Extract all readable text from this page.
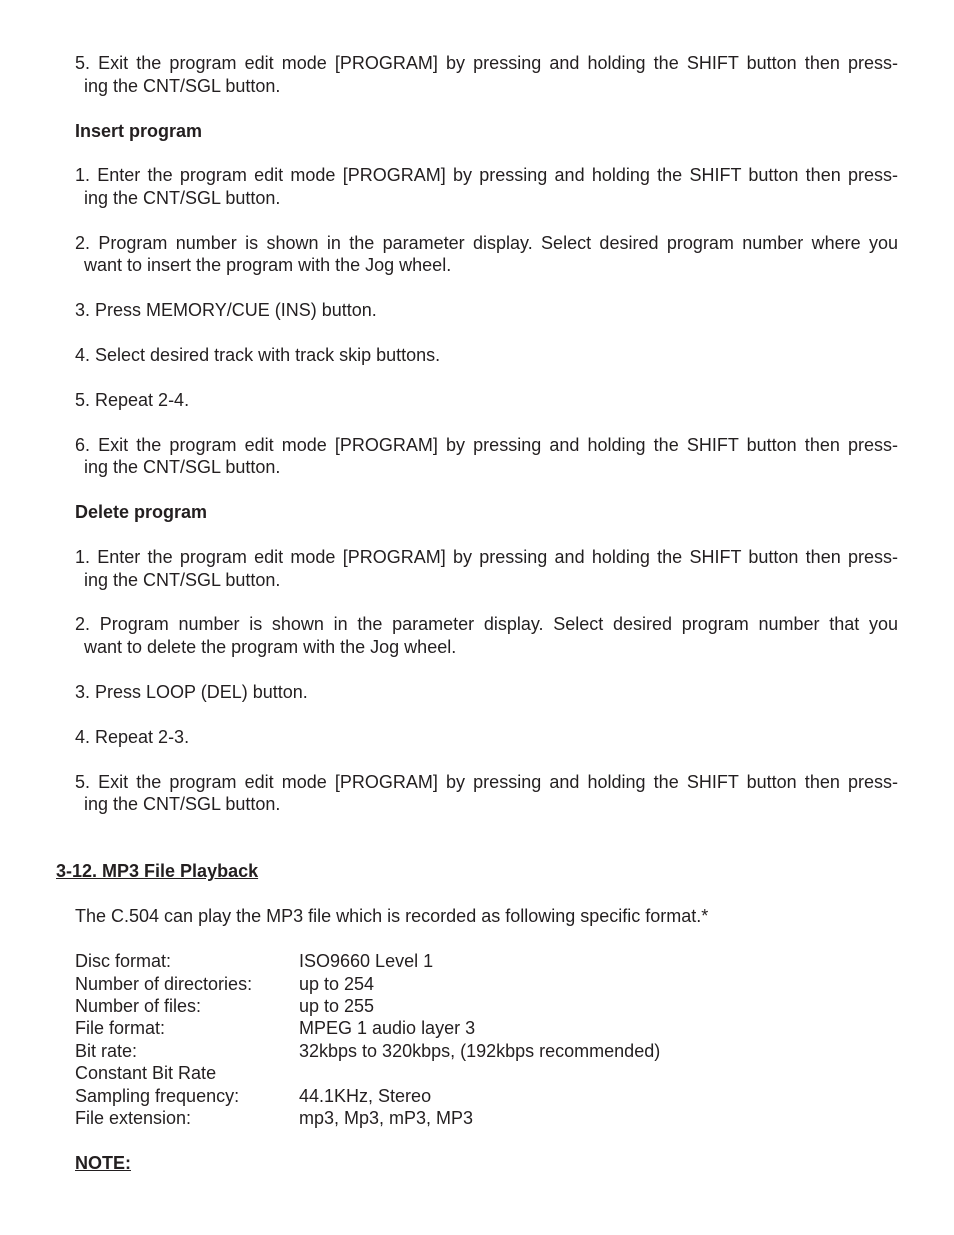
5. Exit the program edit mode [PROGRAM] by pressing and holding the SHIFT button then press-
ing the CNT/SGL button.
Insert program
1. Enter the program edit mode [PROGRAM] by pressing and holding the SHIFT button then press-
ing the CNT/SGL button.
2. Program number is shown in the parameter display. Select desired program number where you
want to insert the program with the Jog wheel.
3. Press MEMORY/CUE (INS) button.
4. Select desired track with track skip buttons.
5. Repeat 2-4.
6. Exit the program edit mode [PROGRAM] by pressing and holding the SHIFT button then press-
ing the CNT/SGL button.
Delete program
1. Enter the program edit mode [PROGRAM] by pressing and holding the SHIFT button then press-
ing the CNT/SGL button.
2. Program number is shown in the parameter display. Select desired program number that you
want to delete the program with the Jog wheel.
3. Press LOOP (DEL) button.
4. Repeat 2-3.
5. Exit the program edit mode [PROGRAM] by pressing and holding the SHIFT button then press-
ing the CNT/SGL button.
3-12. MP3 File Playback
The C.504 can play the MP3 file which is recorded as following specific format.*
Disc format:	ISO9660 Level 1
Number of directories:	up to 254
Number of files:	up to 255
File format:	MPEG 1 audio layer 3
Bit rate:	32kbps to 320kbps, (192kbps recommended)
Constant Bit Rate
Sampling frequency:	44.1KHz, Stereo
File extension:	mp3, Mp3, mP3, MP3
NOTE:
